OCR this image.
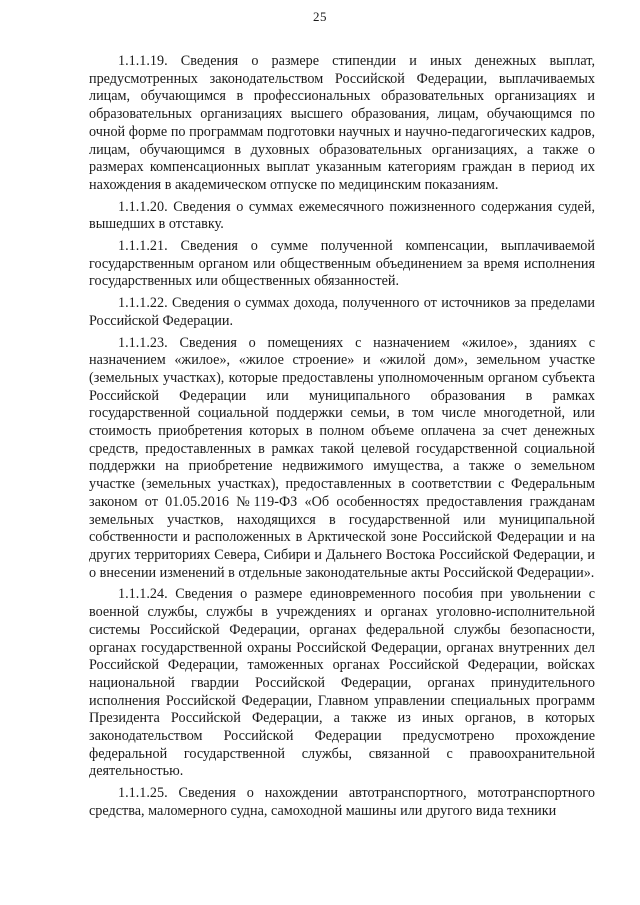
25

1.1.1.19. Сведения о размере стипендии и иных денежных выплат, предусмотренных законодательством Российской Федерации, выплачиваемых лицам, обучающимся в профессиональных образовательных организациях и образовательных организациях высшего образования, лицам, обучающимся по очной форме по программам подготовки научных и научно-педагогических кадров, лицам, обучающимся в духовных образовательных организациях, а также о размерах компенсационных выплат указанным категориям граждан в период их нахождения в академическом отпуске по медицинским показаниям.

1.1.1.20. Сведения о суммах ежемесячного пожизненного содержания судей, вышедших в отставку.

1.1.1.21. Сведения о сумме полученной компенсации, выплачиваемой государственным органом или общественным объединением за время исполнения государственных или общественных обязанностей.

1.1.1.22. Сведения о суммах дохода, полученного от источников за пределами Российской Федерации.

1.1.1.23. Сведения о помещениях с назначением «жилое», зданиях с назначением «жилое», «жилое строение» и «жилой дом», земельном участке (земельных участках), которые предоставлены уполномоченным органом субъекта Российской Федерации или муниципального образования в рамках государственной социальной поддержки семьи, в том числе многодетной, или стоимость приобретения которых в полном объеме оплачена за счет денежных средств, предоставленных в рамках такой целевой государственной социальной поддержки на приобретение недвижимого имущества, а также о земельном участке (земельных участках), предоставленных в соответствии с Федеральным законом от 01.05.2016 №119-ФЗ «Об особенностях предоставления гражданам земельных участков, находящихся в государственной или муниципальной собственности и расположенных в Арктической зоне Российской Федерации и на других территориях Севера, Сибири и Дальнего Востока Российской Федерации, и о внесении изменений в отдельные законодательные акты Российской Федерации».

1.1.1.24. Сведения о размере единовременного пособия при увольнении с военной службы, службы в учреждениях и органах уголовно-исполнительной системы Российской Федерации, органах федеральной службы безопасности, органах государственной охраны Российской Федерации, органах внутренних дел Российской Федерации, таможенных органах Российской Федерации, войсках национальной гвардии Российской Федерации, органах принудительного исполнения Российской Федерации, Главном управлении специальных программ Президента Российской Федерации, а также из иных органов, в которых законодательством Российской Федерации предусмотрено прохождение федеральной государственной службы, связанной с правоохранительной деятельностью.

1.1.1.25. Сведения о нахождении автотранспортного, мототранспортного средства, маломерного судна, самоходной машины или другого вида техники
